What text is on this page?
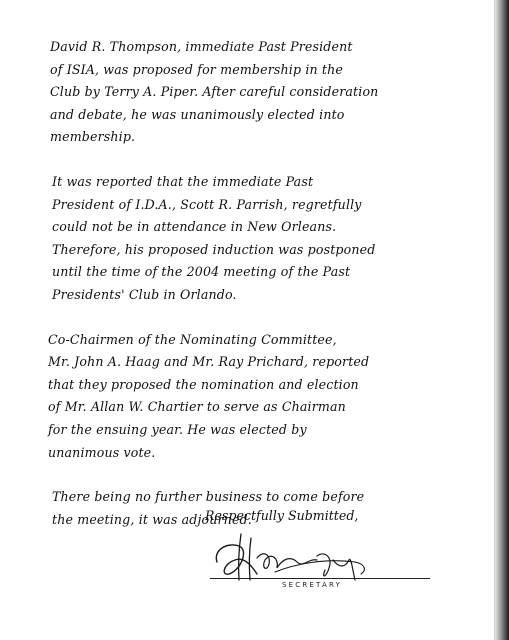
David R. Thompson, immediate Past President
of ISIA, was proposed for membership in the
Club by Terry A. Piper. After careful consideration
and debate, he was unanimously elected into
membership.

It was reported that the immediate Past
President of I.D.A., Scott R. Parrish, regretfully
could not be in attendance in New Orleans.
Therefore, his proposed induction was postponed
until the time of the 2004 meeting of the Past
Presidents' Club in Orlando.

Co-Chairmen of the Nominating Committee,
Mr. John A. Haag and Mr. Ray Prichard, reported
that they proposed the nomination and election
of Mr. Allan W. Chartier to serve as Chairman
for the ensuing year. He was elected by
unanimous vote.

There being no further business to come before
the meeting, it was adjourned.

Respectfully Submitted,
SECRETARY
